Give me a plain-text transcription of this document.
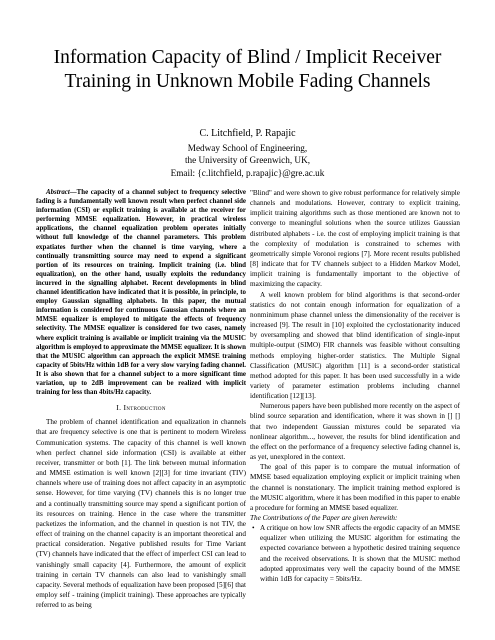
Information Capacity of Blind / Implicit Receiver
Training in Unknown Mobile Fading Channels
C. Litchfield, P. Rapajic
Medway School of Engineering,
the University of Greenwich, UK,
Email: {c.litchfield, p.rapajic}@gre.ac.uk
Abstract—The capacity of a channel subject to frequency selective fading is a fundamentally well known result when perfect channel side information (CSI) or explicit training is available at the receiver for performing MMSE equalization. However, in practical wireless applications, the channel equalization problem operates initially without full knowledge of the channel parameters. This problem expatiates further when the channel is time varying, where a continually transmitting source may need to expend a significant portion of its resources on training. Implicit training (i.e. blind equalization), on the other hand, usually exploits the redundancy incurred in the signalling alphabet. Recent developments in blind channel identification have indicated that it is possible, in principle, to employ Gaussian signalling alphabets. In this paper, the mutual information is considered for continuous Gaussian channels where an MMSE equalizer is employed to mitigate the effects of frequency selectivity. The MMSE equalizer is considered for two cases, namely where explicit training is available or implicit training via the MUSIC algorithm is employed to approximate the MMSE equalizer. It is shown that the MUSIC algorithm can approach the explicit MMSE training capacity of 5bits/Hz within 1dB for a very slow varying fading channel. It is also shown that for a channel subject to a more significant time variation, up to 2dB improvement can be realized with implicit training for less than 4bits/Hz capacity.
I. Introduction

The problem of channel identification and equalization in channels that are frequency selective is one that is pertinent to modern Wireless Communication systems. The capacity of this channel is well known when perfect channel side information (CSI) is available at either receiver, transmitter or both [1]. The link between mutual information and MMSE estimation is well known [2][3] for time invariant (TIV) channels where use of training does not affect capacity in an asymptotic sense. However, for time varying (TV) channels this is no longer true and a continually transmitting source may spend a significant portion of its resources on training. Hence in the case where the transmitter packetizes the information, and the channel in question is not TIV, the effect of training on the channel capacity is an important theoretical and practical consideration. Negative published results for Time Variant (TV) channels have indicated that the effect of imperfect CSI can lead to vanishingly small capacity [4]. Furthermore, the amount of explicit training in certain TV channels can also lead to vanishingly small capacity. Several methods of equalization have been proposed [5][6] that employ self - training (implicit training). These approaches are typically referred to as being

"Blind" and were shown to give robust performance for relatively simple channels and modulations. However, contrary to explicit training, implicit training algorithms such as those mentioned are known not to converge to meaningful solutions when the source utilizes Gaussian distributed alphabets - i.e. the cost of employing implicit training is that the complexity of modulation is constrained to schemes with geometrically simple Voronoi regions [7]. More recent results published [8] indicate that for TV channels subject to a Hidden Markov Model, implicit training is fundamentally important to the objective of maximizing the capacity.

A well known problem for blind algorithms is that second-order statistics do not contain enough information for equalization of a nonminimum phase channel unless the dimensionality of the receiver is increased [9]. The result in [10] exploited the cyclostationarity induced by oversampling and showed that blind identification of single-input multiple-output (SIMO) FIR channels was feasible without consulting methods employing higher-order statistics. The Multiple Signal Classification (MUSIC) algorithm [11] is a second-order statistical method adopted for this paper. It has been used successfully in a wide variety of parameter estimation problems including channel identification [12][13].

Numerous papers have been published more recently on the aspect of blind source separation and identification, where it was shown in [] [] that two independent Gaussian mixtures could be separated via nonlinear algorithm..., however, the results for blind identification and the effect on the performance of a frequency selective fading channel is, as yet, unexplored in the context.

The goal of this paper is to compare the mutual information of MMSE based equalization employing explicit or implicit training when the channel is nonstationary. The implicit training method explored is the MUSIC algorithm, where it has been modified in this paper to enable a procedure for forming an MMSE based equalizer.

The Contributions of the Paper are given herewith:

• A critique on how low SNR affects the ergodic capacity of an MMSE equalizer when utilizing the MUSIC algorithm for estimating the expected covariance between a hypothetic desired training sequence and the received observations. It is shown that the MUSIC method adopted approximates very well the capacity bound of the MMSE within 1dB for capacity = 5bits/Hz.
